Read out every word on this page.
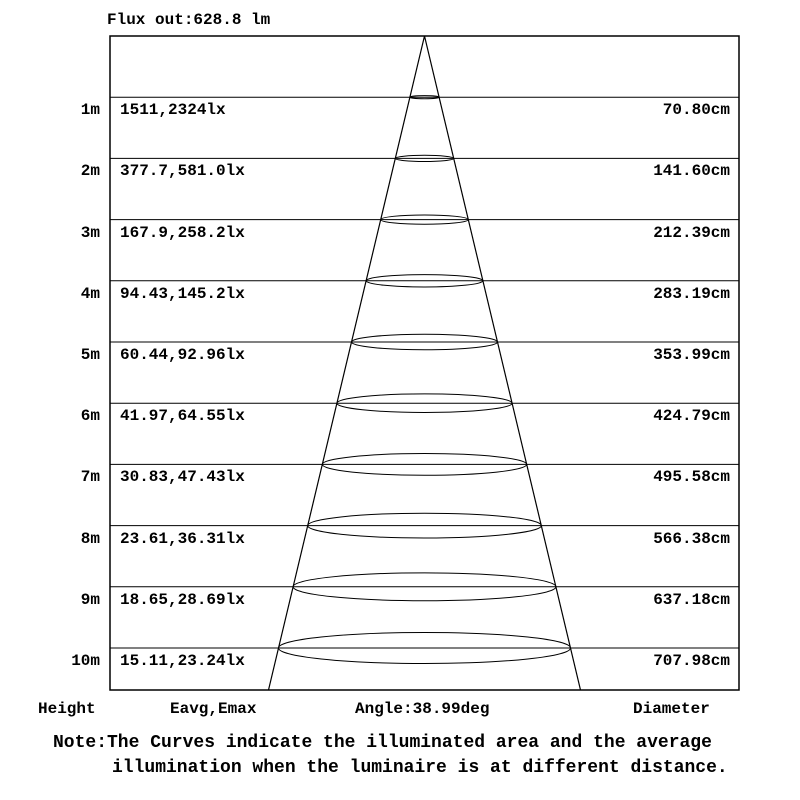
Flux out:628.8 lm
1m 1511,2324lx	70.80cm
2m 377.7,581.0lx	141.60cm
3m 167.9,258.2lx	212.39cm
4m 94.43,145.2lx	283.19cm
5m 60.44,92.96lx	353.99cm
6m 41.97,64.55lx	424.79cm
7m 30.83,47.43lx	495.58cm
8m 23.61,36.31lx	566.38cm
9m 18.65,28.69lx	637.18cm
10m 15.11,23.24lx	707.98cm
Height	Eavg,Emax	Angle:38.99deg	Diameter
Note:The Curves indicate the illuminated area and the average
illumination when the luminaire is at different distance.
